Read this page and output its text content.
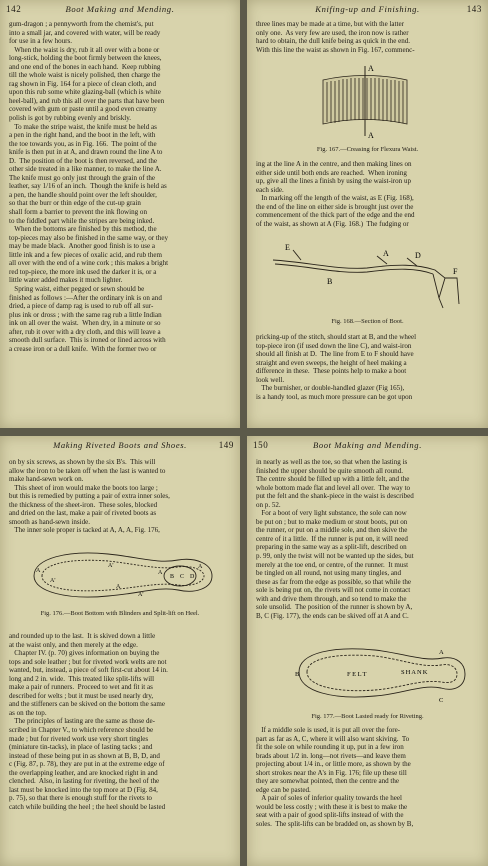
142	Boot Making and Mending.

gum-dragon ; a pennyworth from the chemist's, put
into a small jar, and covered with water, will be ready
for use in a few hours.
When the waist is dry, rub it all over with a bone or
long-stick, holding the boot firmly between the knees,
and one end of the bones in each hand.  Keep rubbing
till the whole waist is nicely polished, then charge the
rag shown in Fig. 164 for a piece of clean cloth, and
upon this rub some white glazing-ball (which is white
heel-ball), and rub this all over the parts that have been
covered with gum or paste until a good even creamy
polish is got by rubbing evenly and briskly.
To make the stripe waist, the knife must be held as
a pen in the right hand, and the boot in the left, with
the toe towards you, as in Fig. 166.  The point of the
knife is then put in at A, and drawn round the line A to
D.  The position of the boot is then reversed, and the
other side treated in a like manner, to make the line A.
The knife must go only just through the grain of the
leather, say 1/16 of an inch.  Though the knife is held as
a pen, the handle should point over the left shoulder,
so that the burr or thin edge of the cut-up grain
shall form a barrier to prevent the ink flowing on
to the fiddled part while the stripes are being inked.
When the bottoms are finished by this method, the
top-pieces may also be finished in the same way, or they
may be made black.  Another good finish is to use a
little ink and a few pieces of oxalic acid, and rub them
all over with the end of a wine cork ; this makes a bright
red top-piece, the more ink used the darker it is, or a
little water added makes it much lighter.
Spring waist, either pegged or sewn should be
finished as follows :—After the ordinary ink is on and
dried, a piece of damp rag is used to rub off all sur-
plus ink or dross ; with the same rag rub a little Indian
ink on all over the waist.  When dry, in a minute or so
after, rub it over with a dry cloth, and this will leave a
smooth dull surface.  This is ironed or lined across with
a crease iron or a dull knife.  With the former two or

Knifing-up and Finishing.	143

three lines may be made at a time, but with the latter
only one.  As very few are used, the iron now is rather
hard to obtain, the dull knife being as quick in the end.
With this line the waist as shown in Fig. 167, commenc-

A
A
Fig. 167.—Creasing for Flexura Waist.

ing at the line A in the centre, and then making lines on
either side until both ends are reached.  When ironing
up, give all the lines a finish by using the waist-iron up
each side.
In marking off the length of the waist, as E (Fig. 168),
the end of the line on either side is brought just over the
commencement of the thick part of the edge and the end
of the waist, as shown at A (Fig. 168.)  The fudging or

E
A	D
B
F
Fig. 168.—Section of Boot.

pricking-up of the stitch, should start at B, and the wheel
top-piece iron (if used down the line C), and waist-iron
should all finish at D.  The line from E to F should have
straight and even sweeps, the height of heel making a
difference in these.  These points help to make a boot
look well.
The burnisher, or double-handled glazer (Fig 165),
is a handy tool, as much more pressure can be got upon

Making Riveted Boots and Shoes.	149

on by six screws, as shown by the six B's.  This will
allow the iron to be taken off when the last is wanted to
make hand-sewn work on.
This sheet of iron would make the boots too large ;
but this is remedied by putting a pair of extra inner soles,
the thickness of the sheet-iron.  These soles, blocked
and dried on the last, make a pair of riveted boots as
smooth as hand-sewn inside.
The inner sole proper is tacked at A, A, A, Fig. 176,

A
A'
A'
A
A
B C D
A
A'
Fig. 176.—Boot Bottom with Blinders and Split-lift on Heel.

and rounded up to the last.  It is skived down a little
at the waist only, and then merely at the edge.
Chapter IV. (p. 70) gives information on buying the
tops and sole leather ; but for riveted work welts are not
wanted, but, instead, a piece of soft first-cut about 14 in.
long and 2 in. wide.  This treated like split-lifts will
make a pair of runners.  Proceed to wet and fit it as
described for welts ; but it must be used nearly dry,
and the stiffeners can be skived on the bottom the same
as on the top.
The principles of lasting are the same as those de-
scribed in Chapter V., to which reference should be
made ; but for riveted work use very short tingles
(miniature tin-tacks), in place of lasting tacks ; and
instead of these being put in as shown at B, B, D, and
c (Fig. 87, p. 78), they are put in at the extreme edge of
the overlapping leather, and are knocked right in and
clenched.  Also, in lasting for riveting, the heel of the
last must be knocked into the top more at D (Fig. 84,
p. 75), so that there is enough stuff for the rivets to
catch while building the heel ; the heel should be lasted

150	Boot Making and Mending.

in nearly as well as the toe, so that when the lasting is
finished the upper should be quite smooth all round.
The centre should be filled up with a little felt, and the
whole bottom made flat and level all over.  The way to
put the felt and the shank-piece in the waist is described
on p. 52.
For a boot of very light substance, the sole can now
be put on ; but to make medium or stout boots, put on
the runner, or put on a middle sole, and then skive the
centre of it a little.  If the runner is put on, it will need
preparing in the same way as a split-lift, described on
p. 99, only the twist will not be wanted up the sides, but
merely at the toe end, or centre, of the runner.  It must
be tingled on all round, not using many tingles, and
these as far from the edge as possible, so that while the
sole is being put on, the rivets will not come in contact
with and drive them through, and so tend to make the
sole unsolid.  The position of the runner is shown by A,
B, C (Fig. 177), the ends can be skived off at A and C.

FELT	SHANK
B
A
C
Fig. 177.—Boot Lasted ready for Riveting.

If a middle sole is used, it is put all over the fore-
part as far as A, C, where it will also want skiving.  To
fit the sole on while rounding it up, put in a few iron
brads about 1/2 in. long—not rivets—and leave them
projecting about 1/4 in., or little more, as shown by the
short strokes near the A's in Fig. 176; file up these till
they are somewhat pointed, then the centre and the
edge can be pasted.
A pair of soles of inferior quality towards the heel
would be less costly ; with these it is best to make the
seat with a pair of good split-lifts instead of with the
soles.  The split-lifts can be bradded on, as shown by B,
